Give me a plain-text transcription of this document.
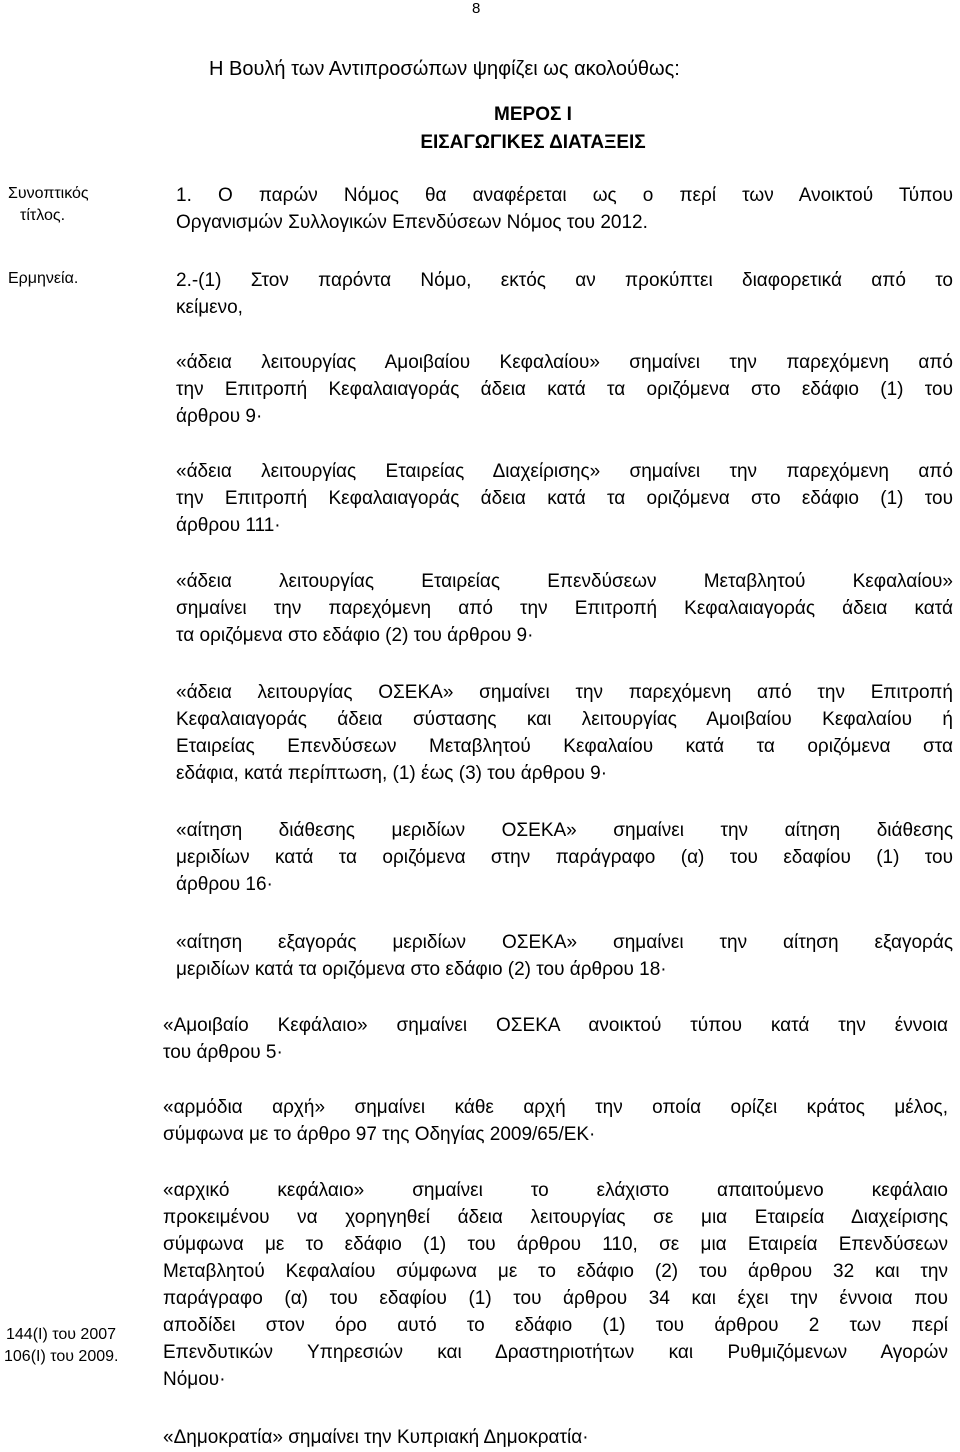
8
Η Βουλή των Αντιπροσώπων ψηφίζει ως ακολούθως:
ΜΕΡΟΣ Ι
ΕΙΣΑΓΩΓΙΚΕΣ ΔΙΑΤΑΞΕΙΣ
Συνοπτικός
τίτλος.
Ερμηνεία.
144(I) του 2007
106(I) του 2009.
1. Ο παρών Νόμος θα αναφέρεται ως ο περί των Ανοικτού Τύπου
Οργανισμών Συλλογικών Επενδύσεων Νόμος του 2012.
2.-(1) Στον παρόντα Νόμο, εκτός αν προκύπτει διαφορετικά από το
κείμενο,
«άδεια λειτουργίας Αμοιβαίου Κεφαλαίου» σημαίνει την παρεχόμενη από
την Επιτροπή Κεφαλαιαγοράς άδεια κατά τα οριζόμενα στο εδάφιο (1) του
άρθρου 9·
«άδεια λειτουργίας Εταιρείας Διαχείρισης» σημαίνει την παρεχόμενη από
την Επιτροπή Κεφαλαιαγοράς άδεια κατά τα οριζόμενα στο εδάφιο (1) του
άρθρου 111·
«άδεια λειτουργίας Εταιρείας Επενδύσεων Μεταβλητού Κεφαλαίου»
σημαίνει την παρεχόμενη από την Επιτροπή Κεφαλαιαγοράς άδεια κατά
τα οριζόμενα στο εδάφιο (2) του άρθρου 9·
«άδεια λειτουργίας ΟΣΕΚΑ» σημαίνει την παρεχόμενη από την Επιτροπή
Κεφαλαιαγοράς άδεια σύστασης και λειτουργίας Αμοιβαίου Κεφαλαίου ή
Εταιρείας Επενδύσεων Μεταβλητού Κεφαλαίου κατά τα οριζόμενα στα
εδάφια, κατά περίπτωση, (1) έως (3) του άρθρου 9·
«αίτηση διάθεσης μεριδίων ΟΣΕΚΑ» σημαίνει την αίτηση διάθεσης
μεριδίων κατά τα οριζόμενα στην παράγραφο (α) του εδαφίου (1) του
άρθρου 16·
«αίτηση εξαγοράς μεριδίων ΟΣΕΚΑ» σημαίνει την αίτηση εξαγοράς
μεριδίων κατά τα οριζόμενα στο εδάφιο (2) του άρθρου 18·
«Αμοιβαίο Κεφάλαιο» σημαίνει ΟΣΕΚΑ ανοικτού τύπου κατά την έννοια
του άρθρου 5·
«αρμόδια αρχή» σημαίνει κάθε αρχή την οποία ορίζει κράτος μέλος,
σύμφωνα με το άρθρο 97 της Οδηγίας 2009/65/ΕΚ·
«αρχικό κεφάλαιο» σημαίνει το ελάχιστο απαιτούμενο κεφάλαιο
προκειμένου να χορηγηθεί άδεια λειτουργίας σε μια Εταιρεία Διαχείρισης
σύμφωνα με το εδάφιο (1) του άρθρου 110, σε μια Εταιρεία Επενδύσεων
Μεταβλητού Κεφαλαίου σύμφωνα με το εδάφιο (2) του άρθρου 32 και την
παράγραφο (α) του εδαφίου (1) του άρθρου 34 και έχει την έννοια που
αποδίδει στον όρο αυτό το εδάφιο (1) του άρθρου 2 των περί
Επενδυτικών Υπηρεσιών και Δραστηριοτήτων και Ρυθμιζόμενων Αγορών
Νόμου·
«Δημοκρατία» σημαίνει την Κυπριακή Δημοκρατία·
